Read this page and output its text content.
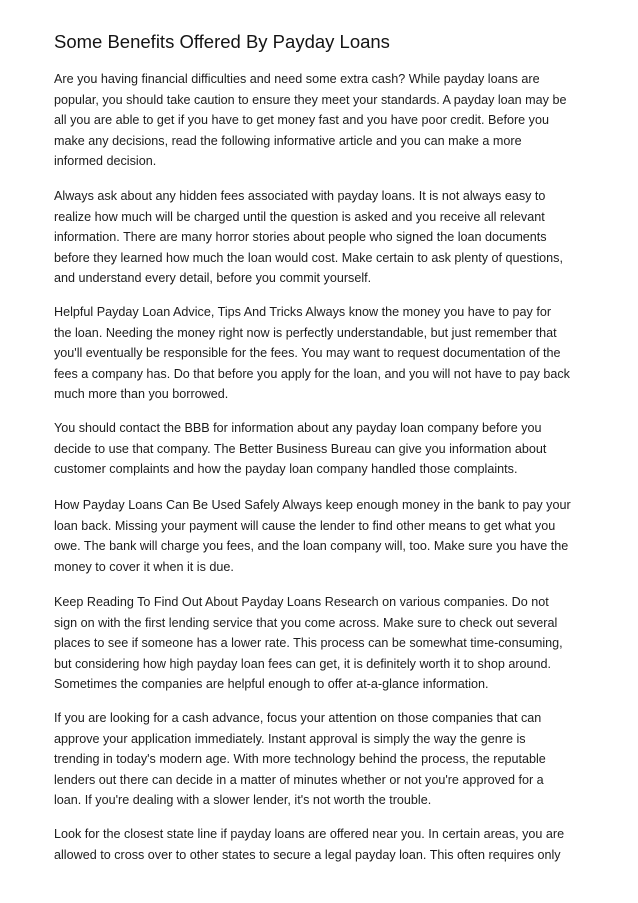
Some Benefits Offered By Payday Loans

Are you having financial difficulties and need some extra cash? While payday loans are
popular, you should take caution to ensure they meet your standards. A payday loan may be
all you are able to get if you have to get money fast and you have poor credit. Before you
make any decisions, read the following informative article and you can make a more
informed decision.

Always ask about any hidden fees associated with payday loans. It is not always easy to
realize how much will be charged until the question is asked and you receive all relevant
information. There are many horror stories about people who signed the loan documents
before they learned how much the loan would cost. Make certain to ask plenty of questions,
and understand every detail, before you commit yourself.

Helpful Payday Loan Advice, Tips And Tricks Always know the money you have to pay for
the loan. Needing the money right now is perfectly understandable, but just remember that
you'll eventually be responsible for the fees. You may want to request documentation of the
fees a company has. Do that before you apply for the loan, and you will not have to pay back
much more than you borrowed.

You should contact the BBB for information about any payday loan company before you
decide to use that company. The Better Business Bureau can give you information about
customer complaints and how the payday loan company handled those complaints.

How Payday Loans Can Be Used Safely Always keep enough money in the bank to pay your
loan back. Missing your payment will cause the lender to find other means to get what you
owe. The bank will charge you fees, and the loan company will, too. Make sure you have the
money to cover it when it is due.

Keep Reading To Find Out About Payday Loans Research on various companies. Do not
sign on with the first lending service that you come across. Make sure to check out several
places to see if someone has a lower rate. This process can be somewhat time-consuming,
but considering how high payday loan fees can get, it is definitely worth it to shop around.
Sometimes the companies are helpful enough to offer at-a-glance information.

If you are looking for a cash advance, focus your attention on those companies that can
approve your application immediately. Instant approval is simply the way the genre is
trending in today's modern age. With more technology behind the process, the reputable
lenders out there can decide in a matter of minutes whether or not you're approved for a
loan. If you're dealing with a slower lender, it's not worth the trouble.

Look for the closest state line if payday loans are offered near you. In certain areas, you are
allowed to cross over to other states to secure a legal payday loan. This often requires only
